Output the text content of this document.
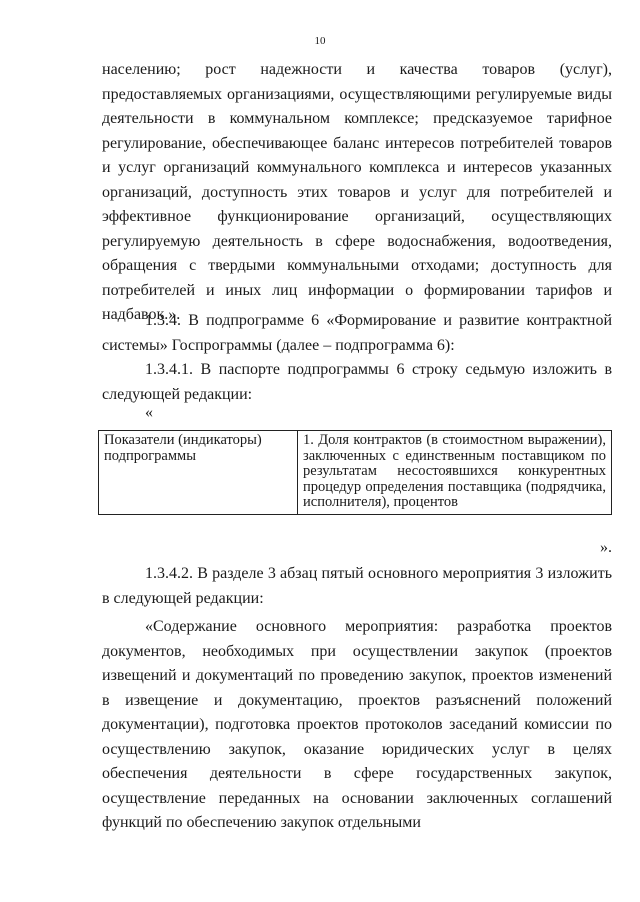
10

населению; рост надежности и качества товаров (услуг), предоставляемых организациями, осуществляющими регулируемые виды деятельности в коммунальном комплексе; предсказуемое тарифное регулирование, обеспечивающее баланс интересов потребителей товаров и услуг организаций коммунального комплекса и интересов указанных организаций, доступность этих товаров и услуг для потребителей и эффективное функционирование организаций, осуществляющих регулируемую деятельность в сфере водоснабжения, водоотведения, обращения с твердыми коммунальными отходами; доступность для потребителей и иных лиц информации о формировании тарифов и надбавок.».

1.3.4. В подпрограмме 6 «Формирование и развитие контрактной системы» Госпрограммы (далее – подпрограмма 6):

1.3.4.1. В паспорте подпрограммы 6 строку седьмую изложить в следующей редакции:

«
Показатели (индикаторы) подпрограммы	1. Доля контрактов (в стоимостном выражении), заключенных с единственным поставщиком по результатам несостоявшихся конкурентных процедур определения поставщика (подрядчика, исполнителя), процентов
».

1.3.4.2. В разделе 3 абзац пятый основного мероприятия 3 изложить в следующей редакции:

«Содержание основного мероприятия: разработка проектов документов, необходимых при осуществлении закупок (проектов извещений и документаций по проведению закупок, проектов изменений в извещение и документацию, проектов разъяснений положений документации), подготовка проектов протоколов заседаний комиссии по осуществлению закупок, оказание юридических услуг в целях обеспечения деятельности в сфере государственных закупок, осуществление переданных на основании заключенных соглашений функций по обеспечению закупок отдельными
